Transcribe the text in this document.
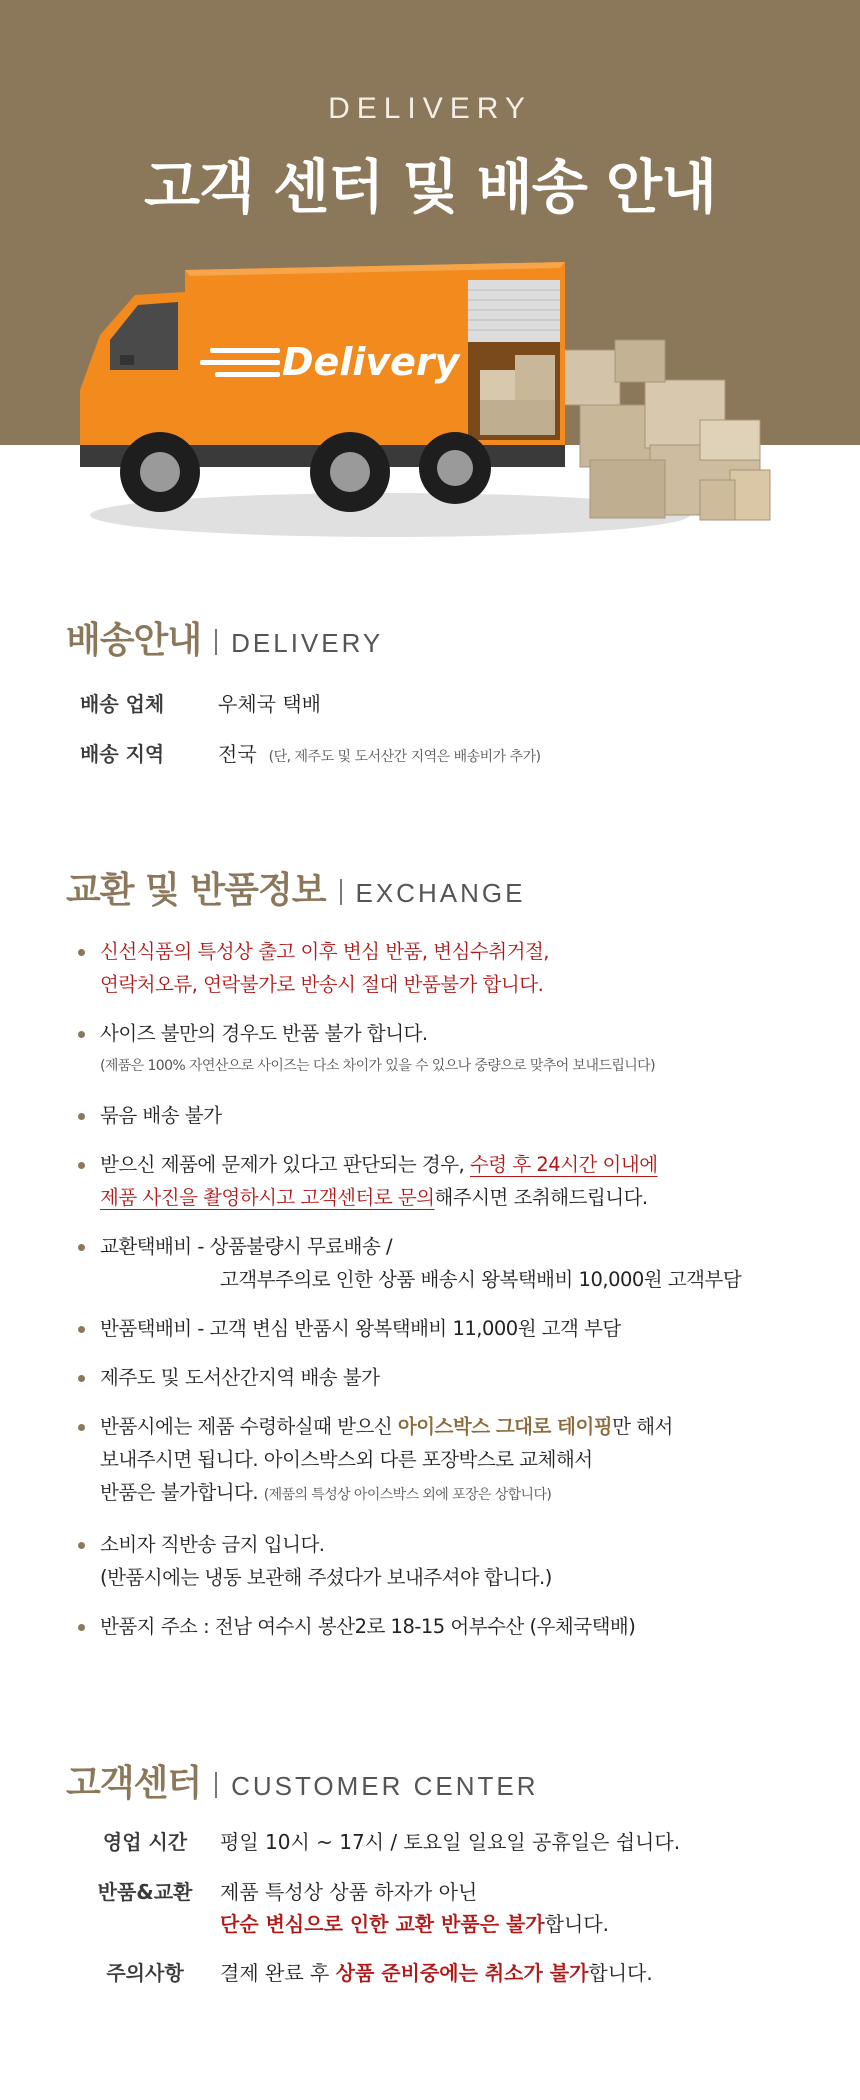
DELIVERY
고객 센터 및 배송 안내
Delivery
배송안내 DELIVERY
배송 업체	우체국 택배
배송 지역	전국 (단, 제주도 및 도서산간 지역은 배송비가 추가)
교환 및 반품정보 EXCHANGE
신선식품의 특성상 출고 이후 변심 반품, 변심수취거절,
연락처오류, 연락불가로 반송시 절대 반품불가 합니다.
사이즈 불만의 경우도 반품 불가 합니다.
(제품은 100% 자연산으로 사이즈는 다소 차이가 있을 수 있으나 중량으로 맞추어 보내드립니다)
묶음 배송 불가
받으신 제품에 문제가 있다고 판단되는 경우, 수령 후 24시간 이내에
제품 사진을 촬영하시고 고객센터로 문의해주시면 조취해드립니다.
교환택배비 - 상품불량시 무료배송 /
고객부주의로 인한 상품 배송시 왕복택배비 10,000원 고객부담
반품택배비 - 고객 변심 반품시 왕복택배비 11,000원 고객 부담
제주도 및 도서산간지역 배송 불가
반품시에는 제품 수령하실때 받으신 아이스박스 그대로 테이핑만 해서
보내주시면 됩니다. 아이스박스외 다른 포장박스로 교체해서
반품은 불가합니다. (제품의 특성상 아이스박스 외에 포장은 상합니다)
소비자 직반송 금지 입니다.
(반품시에는 냉동 보관해 주셨다가 보내주셔야 합니다.)
반품지 주소 : 전남 여수시 봉산2로 18-15 어부수산 (우체국택배)
고객센터 CUSTOMER CENTER
영업 시간	평일 10시 ~ 17시 / 토요일 일요일 공휴일은 쉽니다.
반품&교환	제품 특성상 상품 하자가 아닌
단순 변심으로 인한 교환 반품은 불가합니다.
주의사항	결제 완료 후 상품 준비중에는 취소가 불가합니다.
